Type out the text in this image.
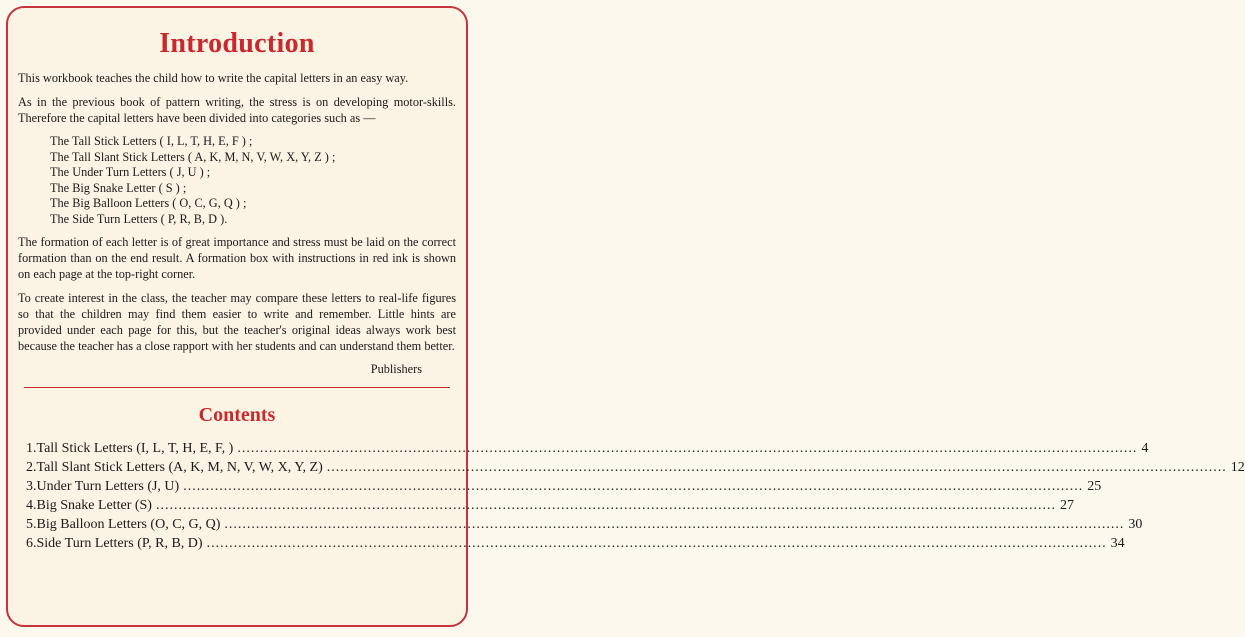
Introduction

This workbook teaches the child how to write the capital letters in an easy way.

As in the previous book of pattern writing, the stress is on developing motor-skills. Therefore the capital letters have been divided into categories such as —

The Tall Stick Letters ( I, L, T, H, E, F ) ;
The Tall Slant Stick Letters ( A, K, M, N, V, W, X, Y, Z ) ;
The Under Turn Letters ( J, U ) ;
The Big Snake Letter ( S ) ;
The Big Balloon Letters ( O, C, G, Q ) ;
The Side Turn Letters ( P, R, B, D ).

The formation of each letter is of great importance and stress must be laid on the correct formation than on the end result. A formation box with instructions in red ink is shown on each page at the top-right corner.

To create interest in the class, the teacher may compare these letters to real-life figures so that the children may find them easier to write and remember. Little hints are provided under each page for this, but the teacher's original ideas always work best because the teacher has a close rapport with her students and can understand them better.

Publishers
Contents
1. Tall Stick Letters (I, L, T, H, E, F, ) ........................................................................................................................................................................................................ 4
2. Tall Slant Stick Letters (A, K, M, N, V, W, X, Y, Z) ........................................................................................................................................................................................................ 12
3. Under Turn Letters (J, U) ........................................................................................................................................................................................................ 25
4. Big Snake Letter (S) ........................................................................................................................................................................................................ 27
5. Big Balloon Letters (O, C, G, Q) ........................................................................................................................................................................................................ 30
6. Side Turn Letters (P, R, B, D) ........................................................................................................................................................................................................ 34
